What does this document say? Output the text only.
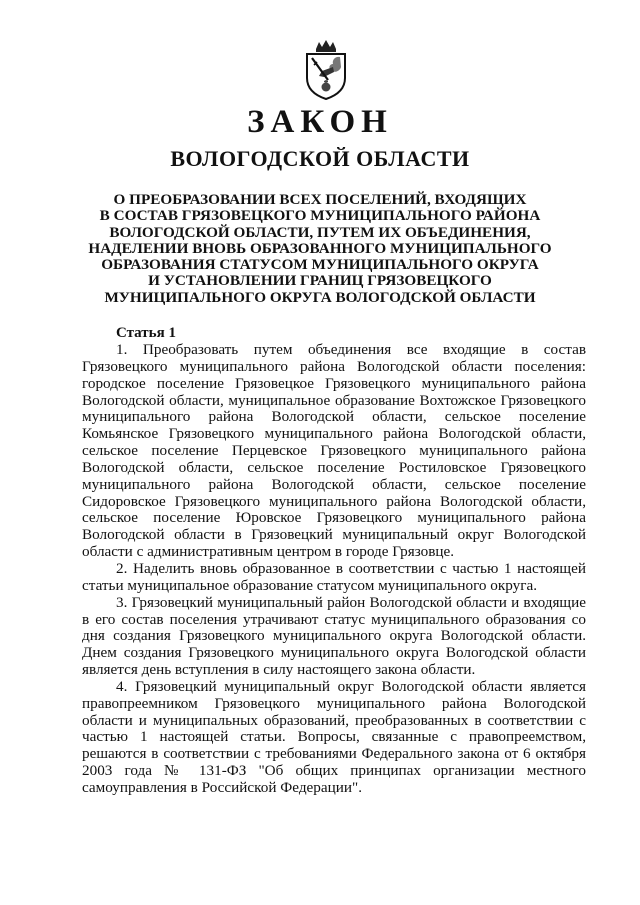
ЗАКОН
ВОЛОГОДСКОЙ ОБЛАСТИ
О ПРЕОБРАЗОВАНИИ ВСЕХ ПОСЕЛЕНИЙ, ВХОДЯЩИХ
В СОСТАВ ГРЯЗОВЕЦКОГО МУНИЦИПАЛЬНОГО РАЙОНА
ВОЛОГОДСКОЙ ОБЛАСТИ, ПУТЕМ ИХ ОБЪЕДИНЕНИЯ,
НАДЕЛЕНИИ ВНОВЬ ОБРАЗОВАННОГО МУНИЦИПАЛЬНОГО
ОБРАЗОВАНИЯ СТАТУСОМ МУНИЦИПАЛЬНОГО ОКРУГА
И УСТАНОВЛЕНИИ ГРАНИЦ ГРЯЗОВЕЦКОГО
МУНИЦИПАЛЬНОГО ОКРУГА ВОЛОГОДСКОЙ ОБЛАСТИ
Статья 1

1. Преобразовать путем объединения все входящие в состав Грязовецкого муниципального района Вологодской области поселения: городское поселение Грязовецкое Грязовецкого муниципального района Вологодской области, муниципальное образование Вохтожское Грязовецкого муниципального района Вологодской области, сельское поселение Комьянское Грязовецкого муниципального района Вологодской области, сельское поселение Перцевское Грязовецкого муниципального района Вологодской области, сельское поселение Ростиловское Грязовецкого муниципального района Вологодской области, сельское поселение Сидоровское Грязовецкого муниципального района Вологодской области, сельское поселение Юровское Грязовецкого муниципального района Вологодской области в Грязовецкий муниципальный округ Вологодской области с административным центром в городе Грязовце.

2. Наделить вновь образованное в соответствии с частью 1 настоящей статьи муниципальное образование статусом муниципального округа.

3. Грязовецкий муниципальный район Вологодской области и входящие в его состав поселения утрачивают статус муниципального образования со дня создания Грязовецкого муниципального округа Вологодской области. Днем создания Грязовецкого муниципального округа Вологодской области является день вступления в силу настоящего закона области.

4. Грязовецкий муниципальный округ Вологодской области является правопреемником Грязовецкого муниципального района Вологодской области и муниципальных образований, преобразованных в соответствии с частью 1 настоящей статьи. Вопросы, связанные с правопреемством, решаются в соответствии с требованиями Федерального закона от 6 октября 2003 года № 131-ФЗ "Об общих принципах организации местного самоуправления в Российской Федерации".
